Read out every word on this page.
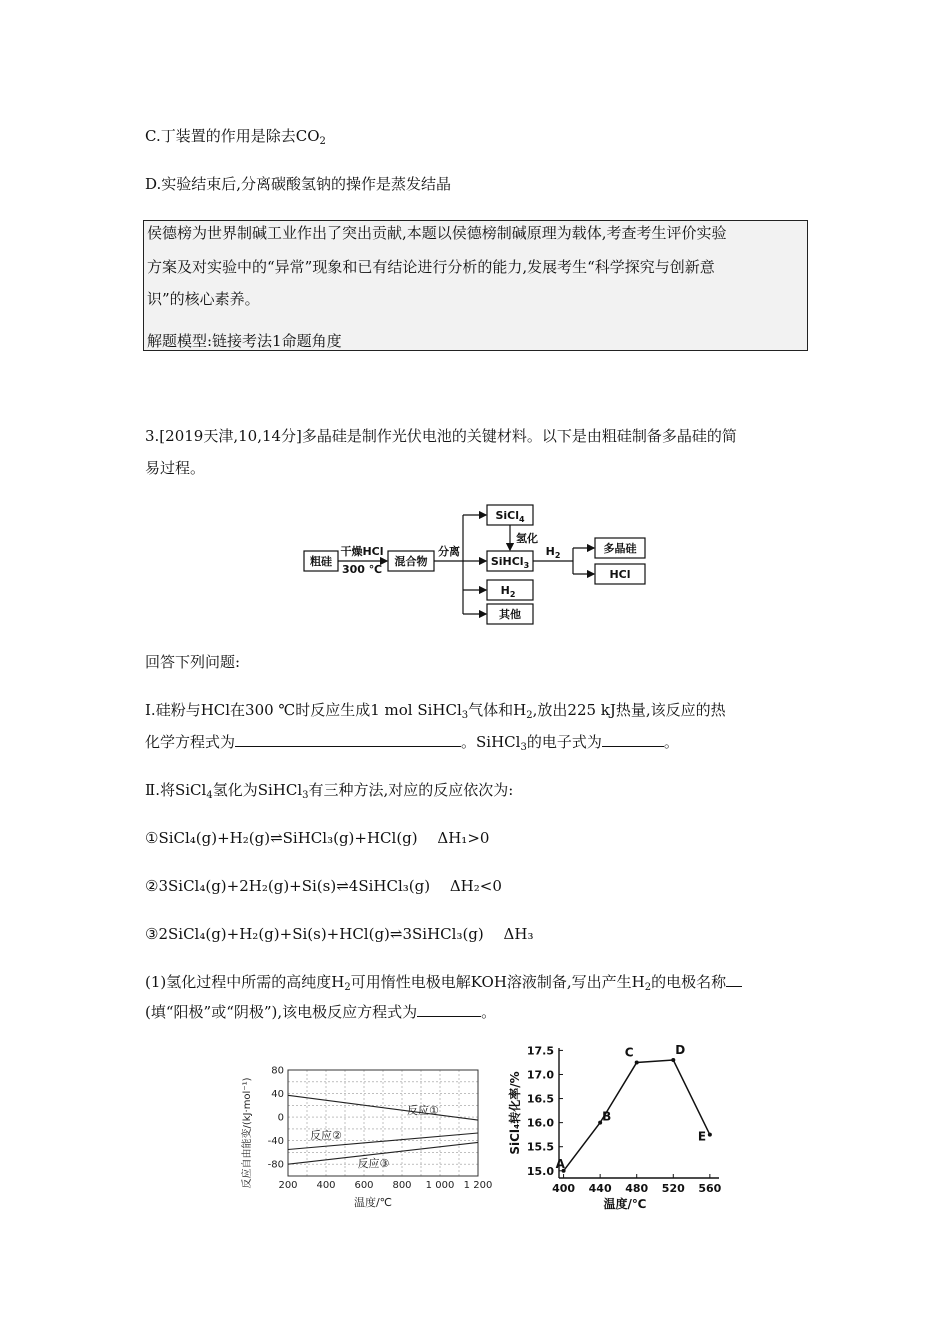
C.丁装置的作用是除去$CO_2$
D.实验结束后,分离碳酸氢钠的操作是蒸发结晶
侯德榜为世界制碱工业作出了突出贡献,本题以侯德榜制碱原理为载体,考查考生评价实验
方案及对实验中的“异常”现象和已有结论进行分析的能力,发展考生“科学探究与创新意
识”的核心素养。
解题模型:链接考法1命题角度
3.[2019天津,10,14分]多晶硅是制作光伏电池的关键材料。以下是由粗硅制备多晶硅的简
易过程。
粗硅
干燥HCl
300 ℃
混合物
分离
SiCl$_4$
氢化
SiHCl$_3$
$H_2$
其他
$H_2$
多晶硅
HCl
回答下列问题:
Ⅰ.硅粉与HCl在300 ℃时反应生成1 mol SiHCl$_3$气体和$H_2$,放出225 kJ热量,该反应的热
化学方程式为	。SiHCl$_3$的电子式为	。
Ⅱ.将SiCl$_4$氢化为SiHCl$_3$有三种方法,对应的反应依次为:
①SiCl₄(g)+H₂(g)⇌SiHCl₃(g)+HCl(g)　 ΔH₁>0
②3SiCl₄(g)+2H₂(g)+Si(s)⇌4SiHCl₃(g)　 ΔH₂<0
③2SiCl₄(g)+H₂(g)+Si(s)+HCl(g)⇌3SiHCl₃(g)　 ΔH₃
(1)氢化过程中所需的高纯度$H_2$可用惰性电极电解KOH溶液制备,写出产生$H_2$的电极名称
(填“阳极”或“阴极”),该电极反应方程式为	。
200 400 600 800 1 000 1 200
80
40
0
-40
-80
温度/℃
反应自由能变/(kJ·mol⁻¹)	反应①
反应②
反应③
400 440 480 520 560
15.0
15.5
16.0
16.5
17.0
17.5
温度/℃
SiCl₄转化率/%
A
B
C	D
E
